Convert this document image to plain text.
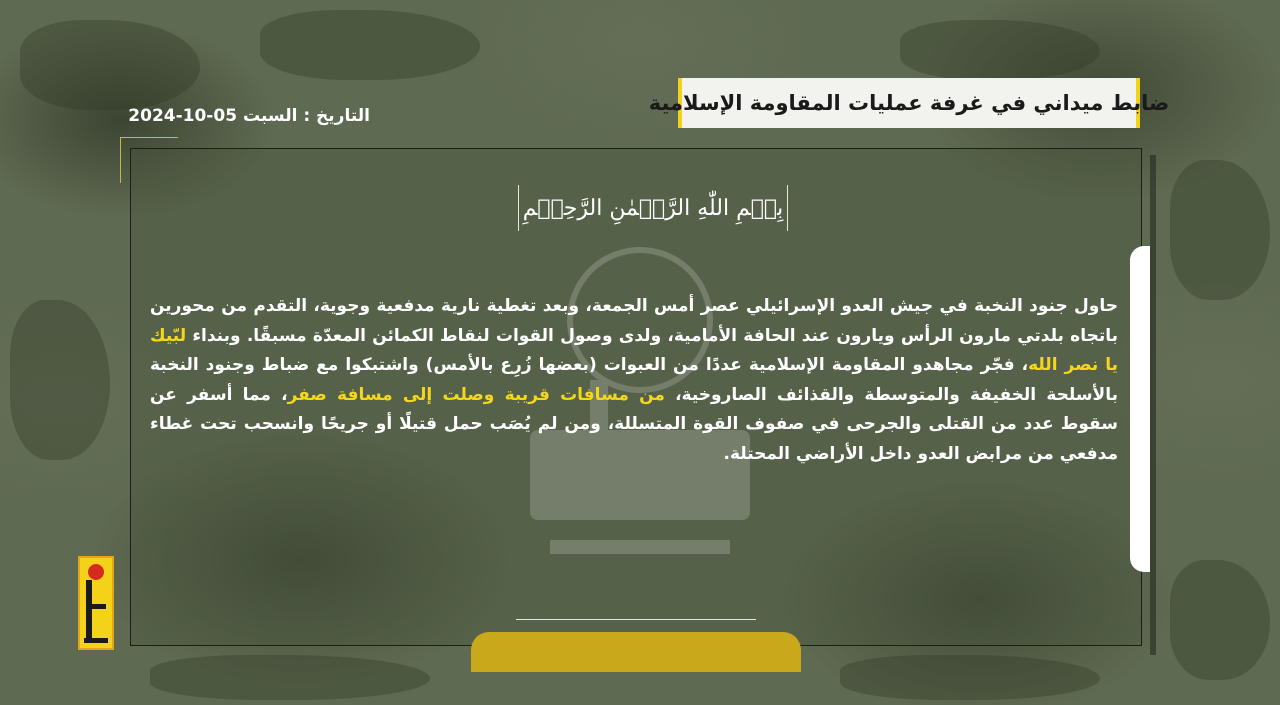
ضابط ميداني في غرفة عمليات المقاومة الإسلامية
التاريخ : السبت 2024-10-05
بِسۡمِ اللّٰهِ الرَّحۡمٰنِ الرَّحِيۡمِ

حاول جنود النخبة في جيش العدو الإسرائيلي عصر أمس الجمعة، وبعد تغطية نارية مدفعية وجوية، التقدم من محورين باتجاه بلدتي مارون الرأس ويارون عند الحافة الأمامية، ولدى وصول القوات لنقاط الكمائن المعدّة مسبقًا. وبنداء لبّيك يا نصر الله، فجّر مجاهدو المقاومة الإسلامية عددًا من العبوات (بعضها زُرِع بالأمس) واشتبكوا مع ضباط وجنود النخبة بالأسلحة الخفيفة والمتوسطة والقذائف الصاروخية، من مسافات قريبة وصلت إلى مسافة صفر، مما أسفر عن سقوط عدد من القتلى والجرحى في صفوف القوة المتسللة، ومن لم يُصَب حمل قتيلًا أو جريحًا وانسحب تحت غطاء مدفعي من مرابض العدو داخل الأراضي المحتلة.
